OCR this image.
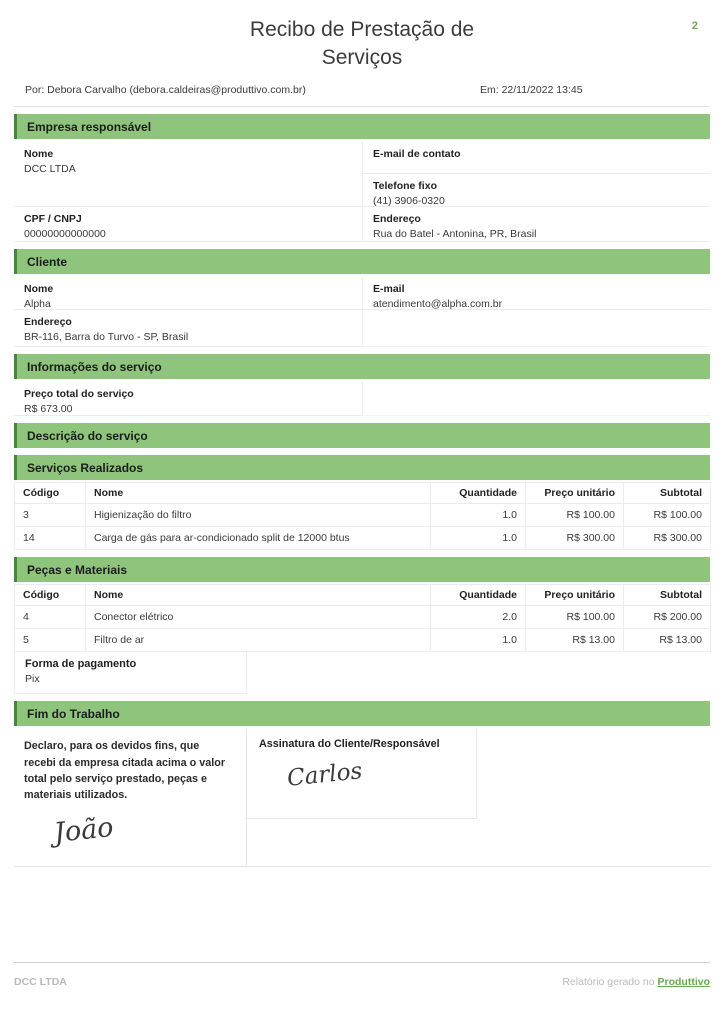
2
Recibo de Prestação de Serviços
Por: Debora Carvalho (debora.caldeiras@produttivo.com.br)	Em: 22/11/2022 13:45
Empresa responsável
Nome
DCC LTDA
E-mail de contato
Telefone fixo
(41) 3906-0320
CPF / CNPJ
00000000000000
Endereço
Rua do Batel - Antonina, PR, Brasil
Cliente
Nome
Alpha
E-mail
atendimento@alpha.com.br
Endereço
BR-116, Barra do Turvo - SP, Brasil
Informações do serviço
Preço total do serviço
R$ 673.00
Descrição do serviço
Serviços Realizados
Código	Nome	Quantidade	Preço unitário	Subtotal
3	Higienização do filtro	1.0	R$ 100.00	R$ 100.00
14	Carga de gás para ar-condicionado split de 12000 btus	1.0	R$ 300.00	R$ 300.00
Peças e Materiais
Código	Nome	Quantidade	Preço unitário	Subtotal
4	Conector elétrico	2.0	R$ 100.00	R$ 200.00
5	Filtro de ar	1.0	R$ 13.00	R$ 13.00
Forma de pagamento
Pix
Fim do Trabalho
Declaro, para os devidos fins, que recebi da empresa citada acima o valor total pelo serviço prestado, peças e materiais utilizados.
João
Assinatura do Cliente/Responsável
Carlos
DCC LTDA	Relatório gerado no Produttivo
